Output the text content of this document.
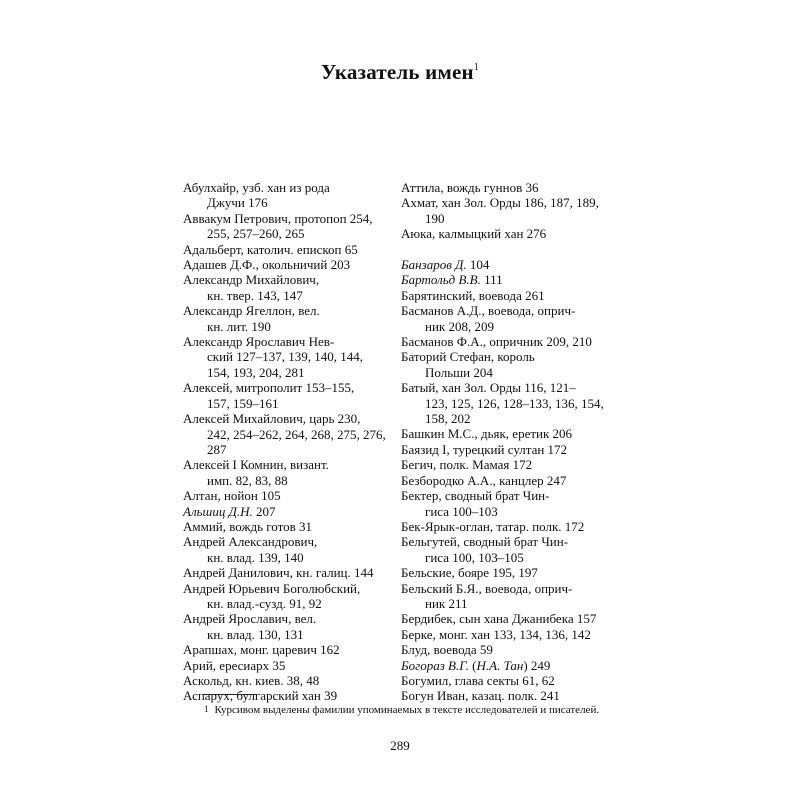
Указатель имен$^1$
Абулхайр, узб. хан из рода
Джучи 176
Аввакум Петрович, протопоп 254,
255, 257–260, 265
Адальберт, католич. епископ 65
Адашев Д.Ф., окольничий 203
Александр Михайлович,
кн. твер. 143, 147
Александр Ягеллон, вел.
кн. лит. 190
Александр Ярославич Нев-
ский 127–137, 139, 140, 144,
154, 193, 204, 281
Алексей, митрополит 153–155,
157, 159–161
Алексей Михайлович, царь 230,
242, 254–262, 264, 268, 275, 276,
287
Алексей I Комнин, визант.
имп. 82, 83, 88
Алтан, нойон 105
Альшиц Д.Н. 207
Аммий, вождь готов 31
Андрей Александрович,
кн. влад. 139, 140
Андрей Данилович, кн. галиц. 144
Андрей Юрьевич Боголюбский,
кн. влад.-сузд. 91, 92
Андрей Ярославич, вел.
кн. влад. 130, 131
Арапшах, монг. царевич 162
Арий, ересиарх 35
Аскольд, кн. киев. 38, 48
Аспарух, булгарский хан 39
Аттила, вождь гуннов 36
Ахмат, хан Зол. Орды 186, 187, 189,
190
Аюка, калмыцкий хан 276
Банзаров Д. 104
Бартольд В.В. 111
Барятинский, воевода 261
Басманов А.Д., воевода, оприч-
ник 208, 209
Басманов Ф.А., опричник 209, 210
Баторий Стефан, король
Польши 204
Батый, хан Зол. Орды 116, 121–
123, 125, 126, 128–133, 136, 154,
158, 202
Башкин М.С., дьяк, еретик 206
Баязид I, турецкий султан 172
Бегич, полк. Мамая 172
Безбородко А.А., канцлер 247
Бектер, сводный брат Чин-
гиса 100–103
Бек-Ярык-оглан, татар. полк. 172
Бельгутей, сводный брат Чин-
гиса 100, 103–105
Бельские, бояре 195, 197
Бельский Б.Я., воевода, оприч-
ник 211
Бердибек, сын хана Джанибека 157
Берке, монг. хан 133, 134, 136, 142
Блуд, воевода 59
Богораз В.Г. (Н.А. Тан) 249
Богумил, глава секты 61, 62
Богун Иван, казац. полк. 241
$^1$ Курсивом выделены фамилии упоминаемых в тексте исследователей и писателей.
289
